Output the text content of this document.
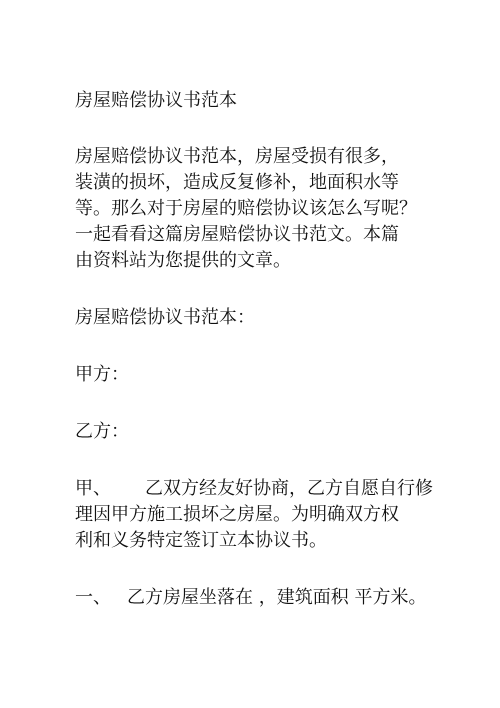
房屋赔偿协议书范本

房屋赔偿协议书范本，房屋受损有很多，
装潢的损坏，造成反复修补，地面积水等
等。那么对于房屋的赔偿协议该怎么写呢？
一起看看这篇房屋赔偿协议书范文。本篇
由资料站为您提供的文章。

房屋赔偿协议书范本：

甲方：

乙方：

甲、 乙双方经友好协商，乙方自愿自行修
理因甲方施工损坏之房屋。为明确双方权
利和义务特定签订立本协议书。
一、 乙方房屋坐落在 ，建筑面积 平方米。
